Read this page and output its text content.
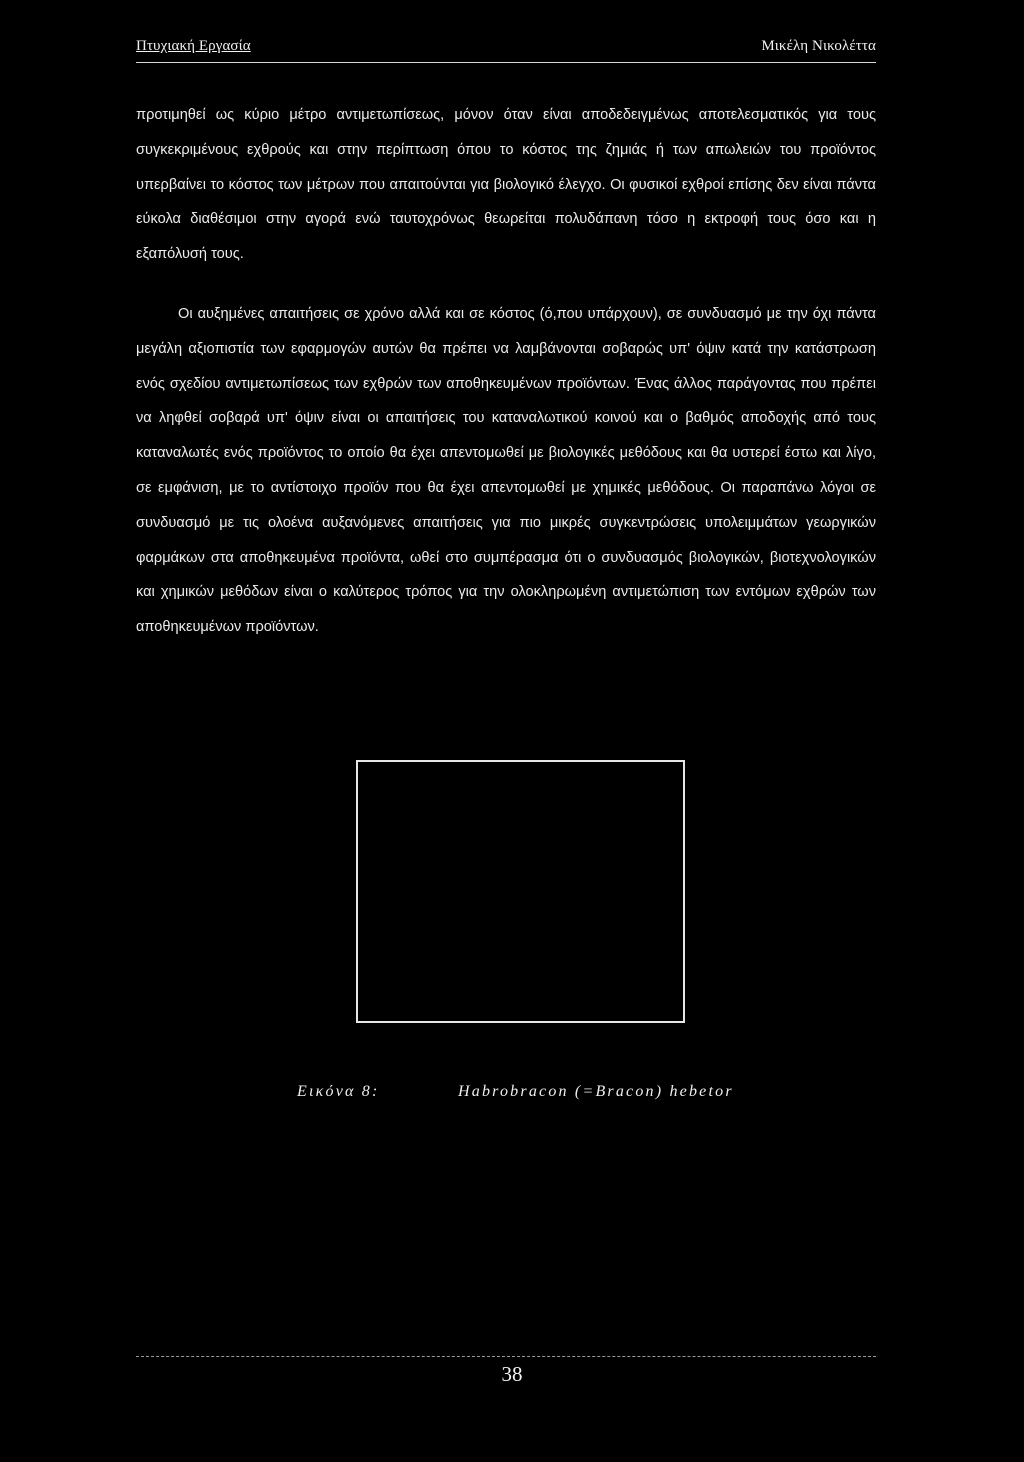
Πτυχιακή Εργασία	Μικέλη Νικολέττα

προτιμηθεί ως κύριο μέτρο αντιμετωπίσεως, μόνον όταν είναι αποδεδειγμένως αποτελεσματικός για τους συγκεκριμένους εχθρούς και στην περίπτωση όπου το κόστος της ζημιάς ή των απωλειών του προϊόντος υπερβαίνει το κόστος των μέτρων που απαιτούνται για βιολογικό έλεγχο. Οι φυσικοί εχθροί επίσης δεν είναι πάντα εύκολα διαθέσιμοι στην αγορά ενώ ταυτοχρόνως θεωρείται πολυδάπανη τόσο η εκτροφή τους όσο και η εξαπόλυσή τους.

Οι αυξημένες απαιτήσεις σε χρόνο αλλά και σε κόστος (ό,που υπάρχουν), σε συνδυασμό με την όχι πάντα μεγάλη αξιοπιστία των εφαρμογών αυτών θα πρέπει να λαμβάνονται σοβαρώς υπ' όψιν κατά την κατάστρωση ενός σχεδίου αντιμετωπίσεως των εχθρών των αποθηκευμένων προϊόντων. Ένας άλλος παράγοντας που πρέπει να ληφθεί σοβαρά υπ' όψιν είναι οι απαιτήσεις του καταναλωτικού κοινού και ο βαθμός αποδοχής από τους καταναλωτές ενός προϊόντος το οποίο θα έχει απεντομωθεί με βιολογικές μεθόδους και θα υστερεί έστω και λίγο, σε εμφάνιση, με το αντίστοιχο προϊόν που θα έχει απεντομωθεί με χημικές μεθόδους. Οι παραπάνω λόγοι σε συνδυασμό με τις ολοένα αυξανόμενες απαιτήσεις για πιο μικρές συγκεντρώσεις υπολειμμάτων γεωργικών φαρμάκων στα αποθηκευμένα προϊόντα, ωθεί στο συμπέρασμα ότι ο συνδυασμός βιολογικών, βιοτεχνολογικών και χημικών μεθόδων είναι ο καλύτερος τρόπος για την ολοκληρωμένη αντιμετώπιση των εντόμων εχθρών των αποθηκευμένων προϊόντων.

Εικόνα 8:	Habrobracon (=Bracon) hebetor
38
